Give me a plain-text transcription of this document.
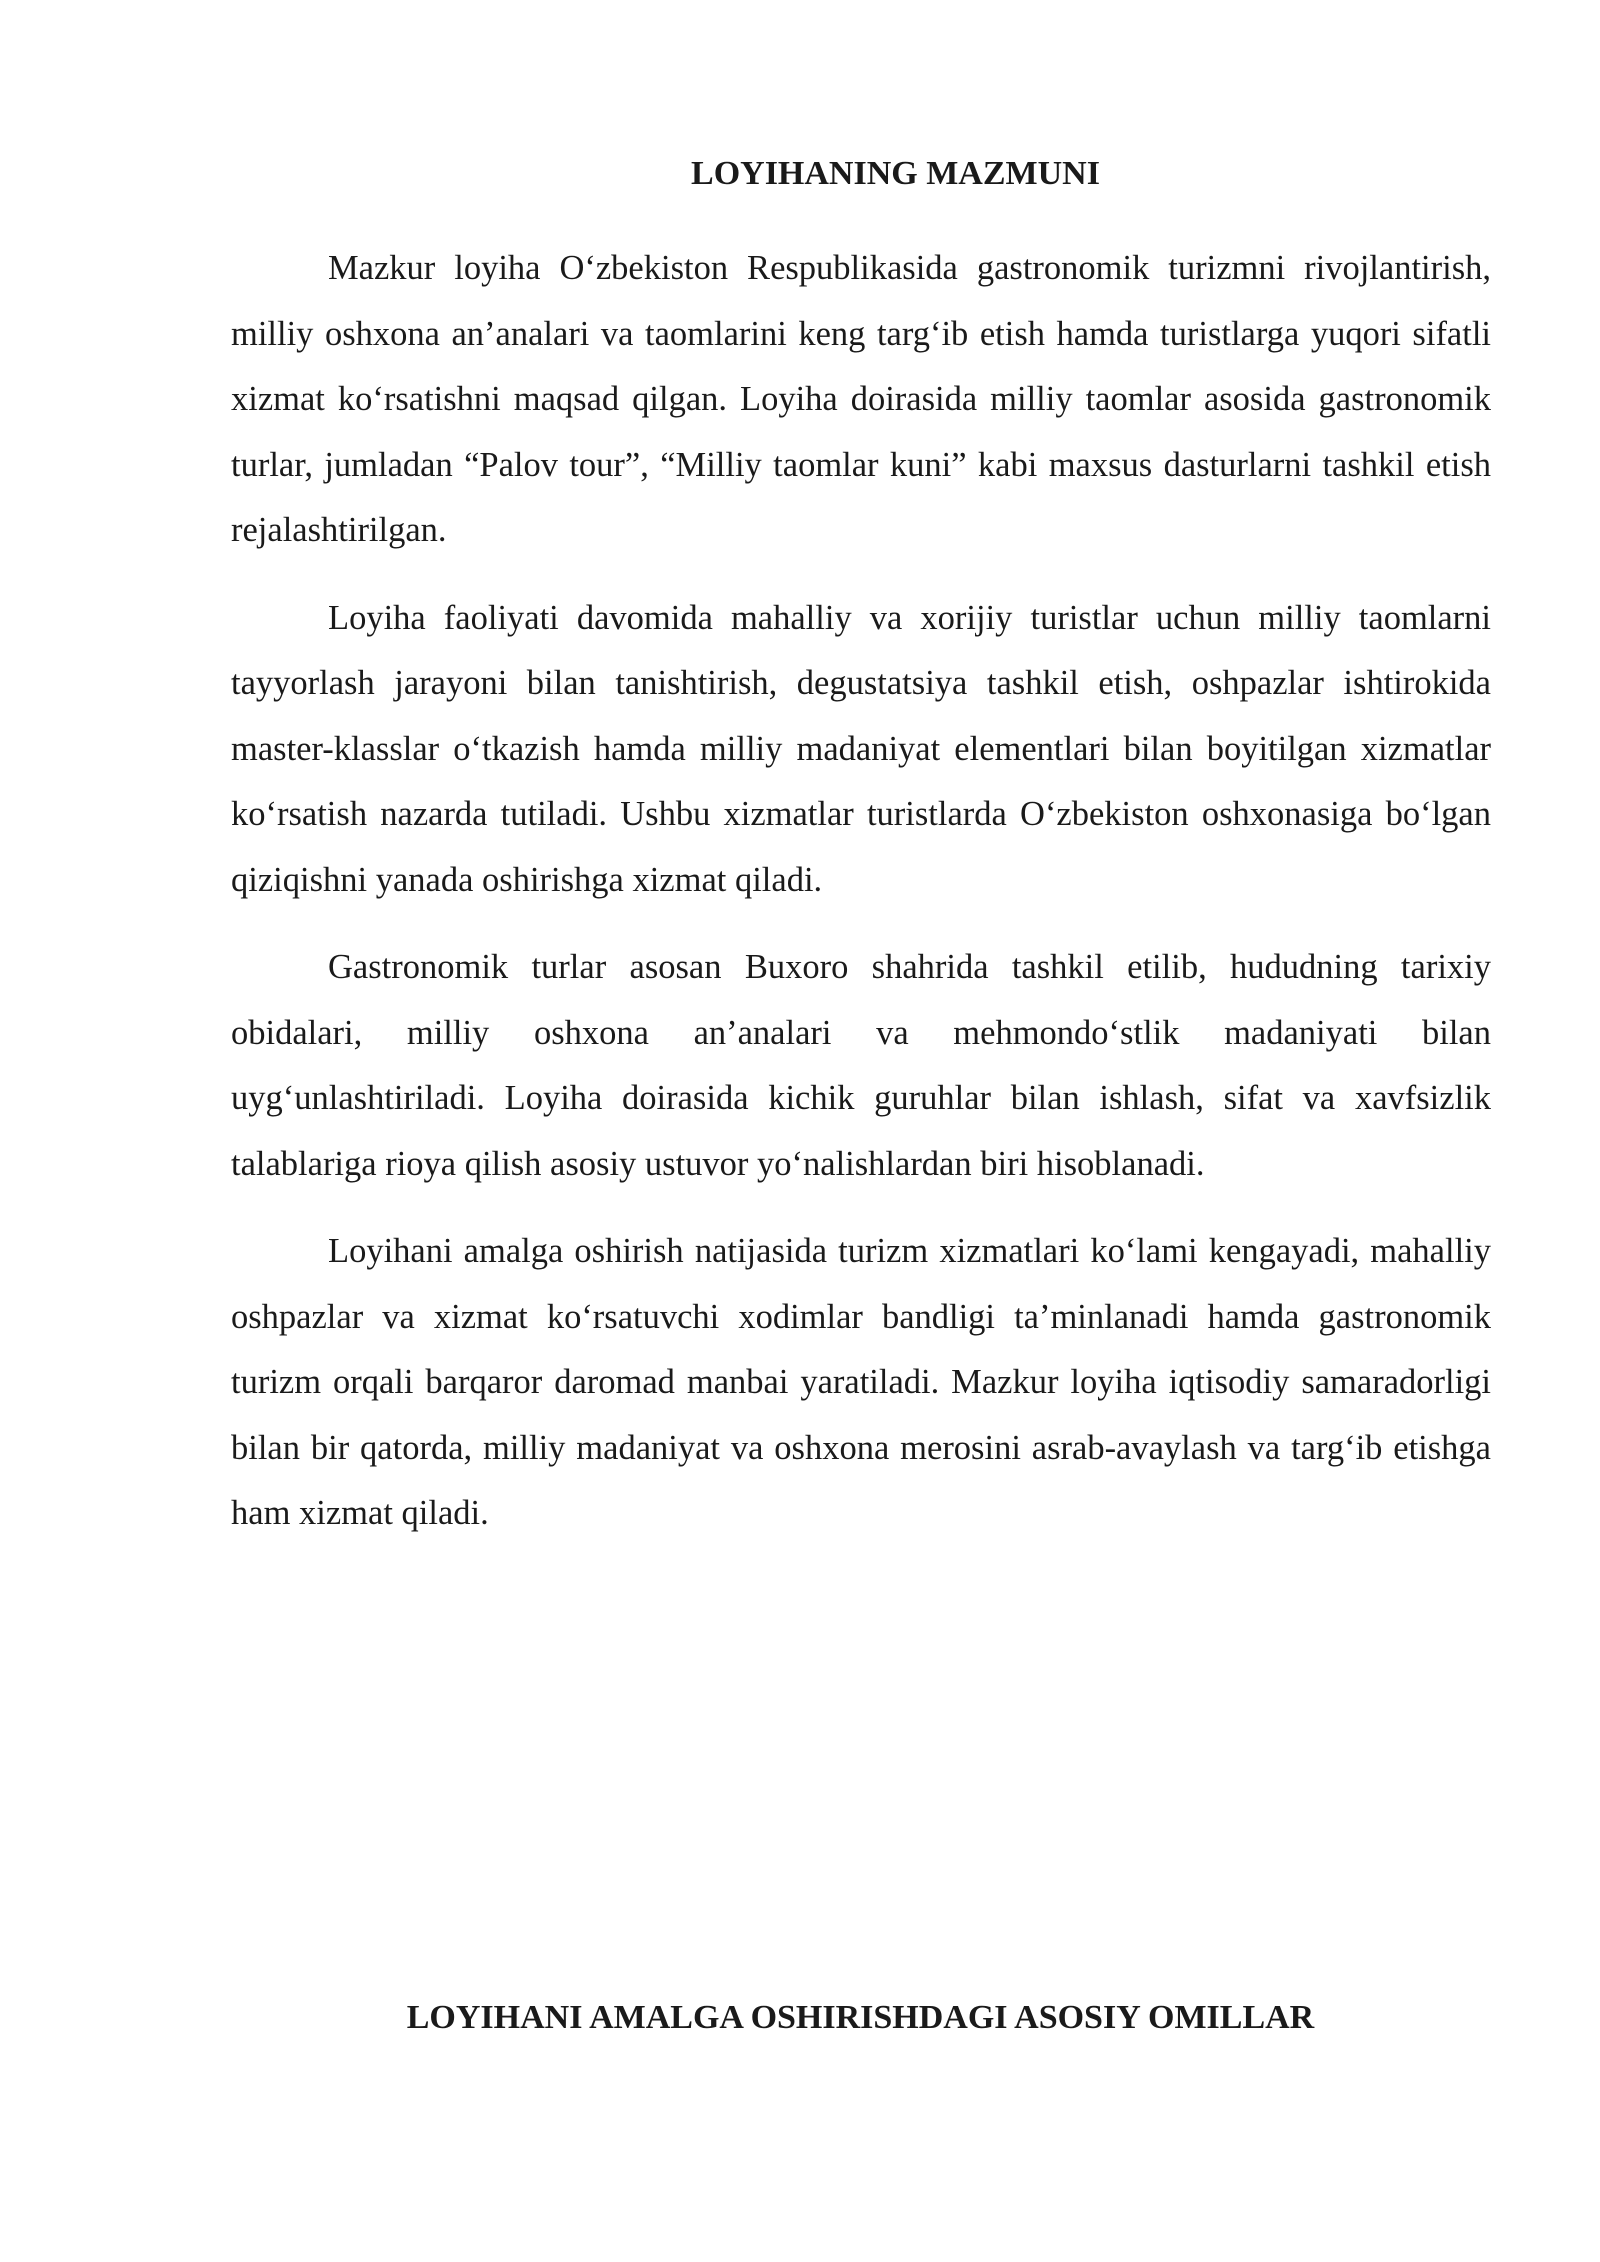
LOYIHANING MAZMUNI

Mazkur loyiha O‘zbekiston Respublikasida gastronomik turizmni rivojlantirish, milliy oshxona an’analari va taomlarini keng targ‘ib etish hamda turistlarga yuqori sifatli xizmat ko‘rsatishni maqsad qilgan. Loyiha doirasida milliy taomlar asosida gastronomik turlar, jumladan “Palov tour”, “Milliy taomlar kuni” kabi maxsus dasturlarni tashkil etish rejalashtirilgan.

Loyiha faoliyati davomida mahalliy va xorijiy turistlar uchun milliy taomlarni tayyorlash jarayoni bilan tanishtirish, degustatsiya tashkil etish, oshpazlar ishtirokida master-klasslar o‘tkazish hamda milliy madaniyat elementlari bilan boyitilgan xizmatlar ko‘rsatish nazarda tutiladi. Ushbu xizmatlar turistlarda O‘zbekiston oshxonasiga bo‘lgan qiziqishni yanada oshirishga xizmat qiladi.

Gastronomik turlar asosan Buxoro shahrida tashkil etilib, hududning tarixiy obidalari, milliy oshxona an’analari va mehmondo‘stlik madaniyati bilan uyg‘unlashtiriladi. Loyiha doirasida kichik guruhlar bilan ishlash, sifat va xavfsizlik talablariga rioya qilish asosiy ustuvor yo‘nalishlardan biri hisoblanadi.

Loyihani amalga oshirish natijasida turizm xizmatlari ko‘lami kengayadi, mahalliy oshpazlar va xizmat ko‘rsatuvchi xodimlar bandligi ta’minlanadi hamda gastronomik turizm orqali barqaror daromad manbai yaratiladi. Mazkur loyiha iqtisodiy samaradorligi bilan bir qatorda, milliy madaniyat va oshxona merosini asrab-avaylash va targ‘ib etishga ham xizmat qiladi.

LOYIHANI AMALGA OSHIRISHDAGI ASOSIY OMILLAR
